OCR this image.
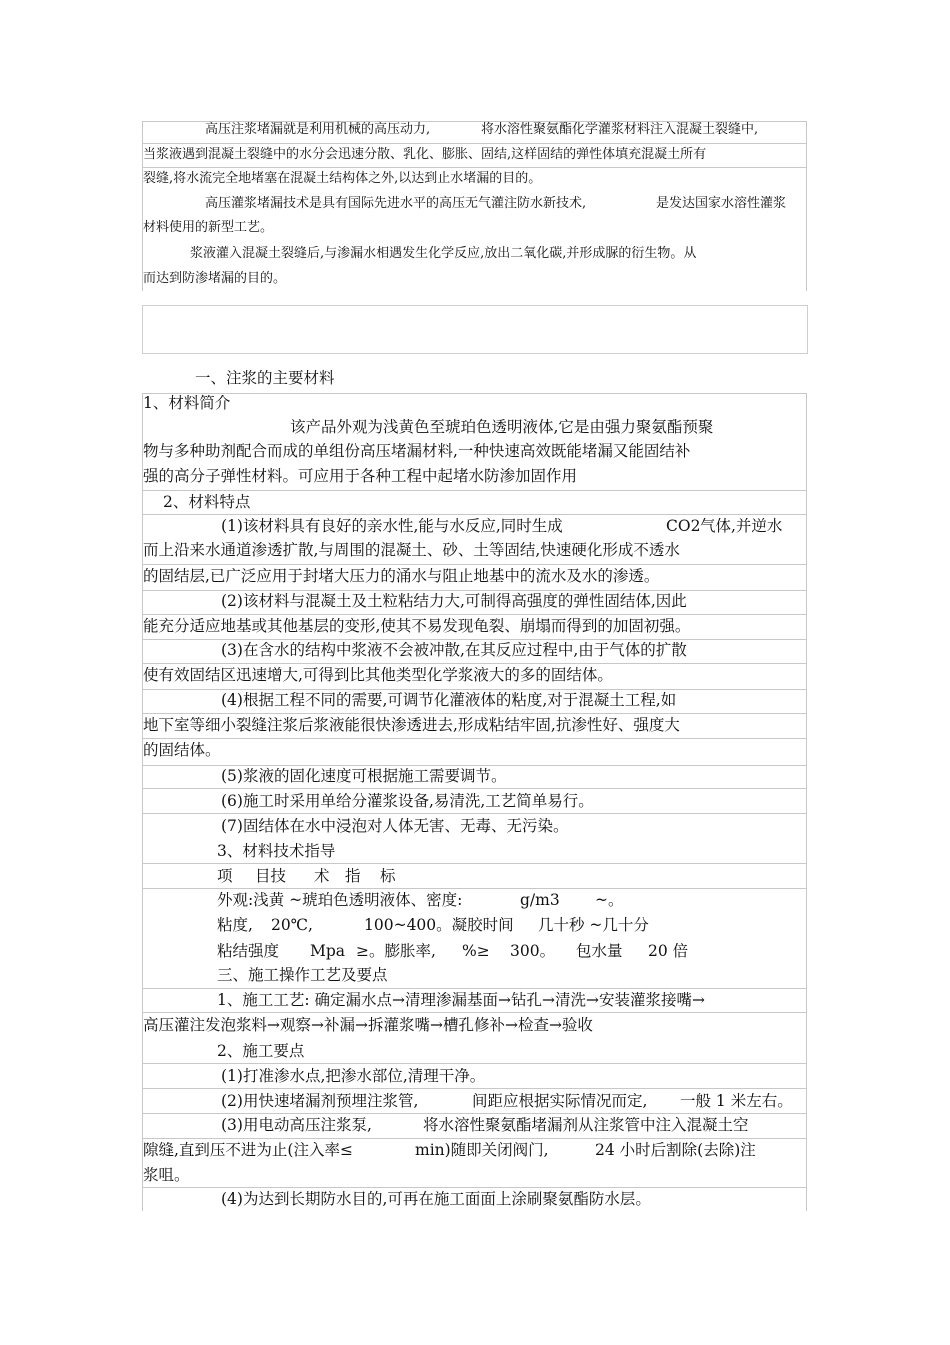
高压注浆堵漏就是利用机械的高压动力,	将水溶性聚氨酯化学灌浆材料注入混凝土裂缝中,
当浆液遇到混凝土裂缝中的水分会迅速分散、乳化、膨胀、固结,这样固结的弹性体填充混凝土所有
裂缝,将水流完全地堵塞在混凝土结构体之外,以达到止水堵漏的目的。
高压灌浆堵漏技术是具有国际先进水平的高压无气灌注防水新技术,	是发达国家水溶性灌浆
材料使用的新型工艺。
浆液灌入混凝土裂缝后,与渗漏水相遇发生化学反应,放出二氧化碳,并形成脲的衍生物。从
而达到防渗堵漏的目的。
一、注浆的主要材料
1、材料简介
该产品外观为浅黄色至琥珀色透明液体,它是由强力聚氨酯预聚
物与多种助剂配合而成的单组份高压堵漏材料,一种快速高效既能堵漏又能固结补
强的高分子弹性材料。可应用于各种工程中起堵水防渗加固作用
2、材料特点
(1)该材料具有良好的亲水性,能与水反应,同时生成	CO2 气体,并逆水
而上沿来水通道渗透扩散,与周围的混凝土、砂、土等固结,快速硬化形成不透水
的固结层,已广泛应用于封堵大压力的涌水与阻止地基中的流水及水的渗透。
(2)该材料与混凝土及土粒粘结力大,可制得高强度的弹性固结体,因此
能充分适应地基或其他基层的变形,使其不易发现龟裂、崩塌而得到的加固初强。
(3)在含水的结构中浆液不会被冲散,在其反应过程中,由于气体的扩散
使有效固结区迅速增大,可得到比其他类型化学浆液大的多的固结体。
(4)根据工程不同的需要,可调节化灌液体的粘度,对于混凝土工程,如
地下室等细小裂缝注浆后浆液能很快渗透进去,形成粘结牢固,抗渗性好、强度大
的固结体。
(5)浆液的固化速度可根据施工需要调节。
(6)施工时采用单给分灌浆设备,易清洗,工艺简单易行。
(7)固结体在水中浸泡对人体无害、无毒、无污染。
3、材料技术指导
项 目技 术 指 标
外观:浅黄 ~琥珀色透明液体、密度:	g/m3 ~。
粘度, 20℃,	100~400。凝胶时间 几十秒 ~几十分
粘结强度 Mpa ≥。膨胀率, %≥ 300。 包水量 20 倍
三、施工操作工艺及要点
1、施工工艺: 确定漏水点→清理渗漏基面→钻孔→清洗→安装灌浆接嘴→
高压灌注发泡浆料→观察→补漏→拆灌浆嘴→槽孔修补→检查→验收
2、施工要点
(1)打准渗水点,把渗水部位,清理干净。
(2)用快速堵漏剂预埋注浆管,	间距应根据实际情况而定, 一般 1 米左右。
(3)用电动高压注浆泵,	将水溶性聚氨酯堵漏剂从注浆管中注入混凝土空
隙缝,直到压不进为止(注入率≤	min)随即关闭阀门,	24 小时后割除(去除)注
浆咀。
(4)为达到长期防水目的,可再在施工面面上涂刷聚氨酯防水层。
